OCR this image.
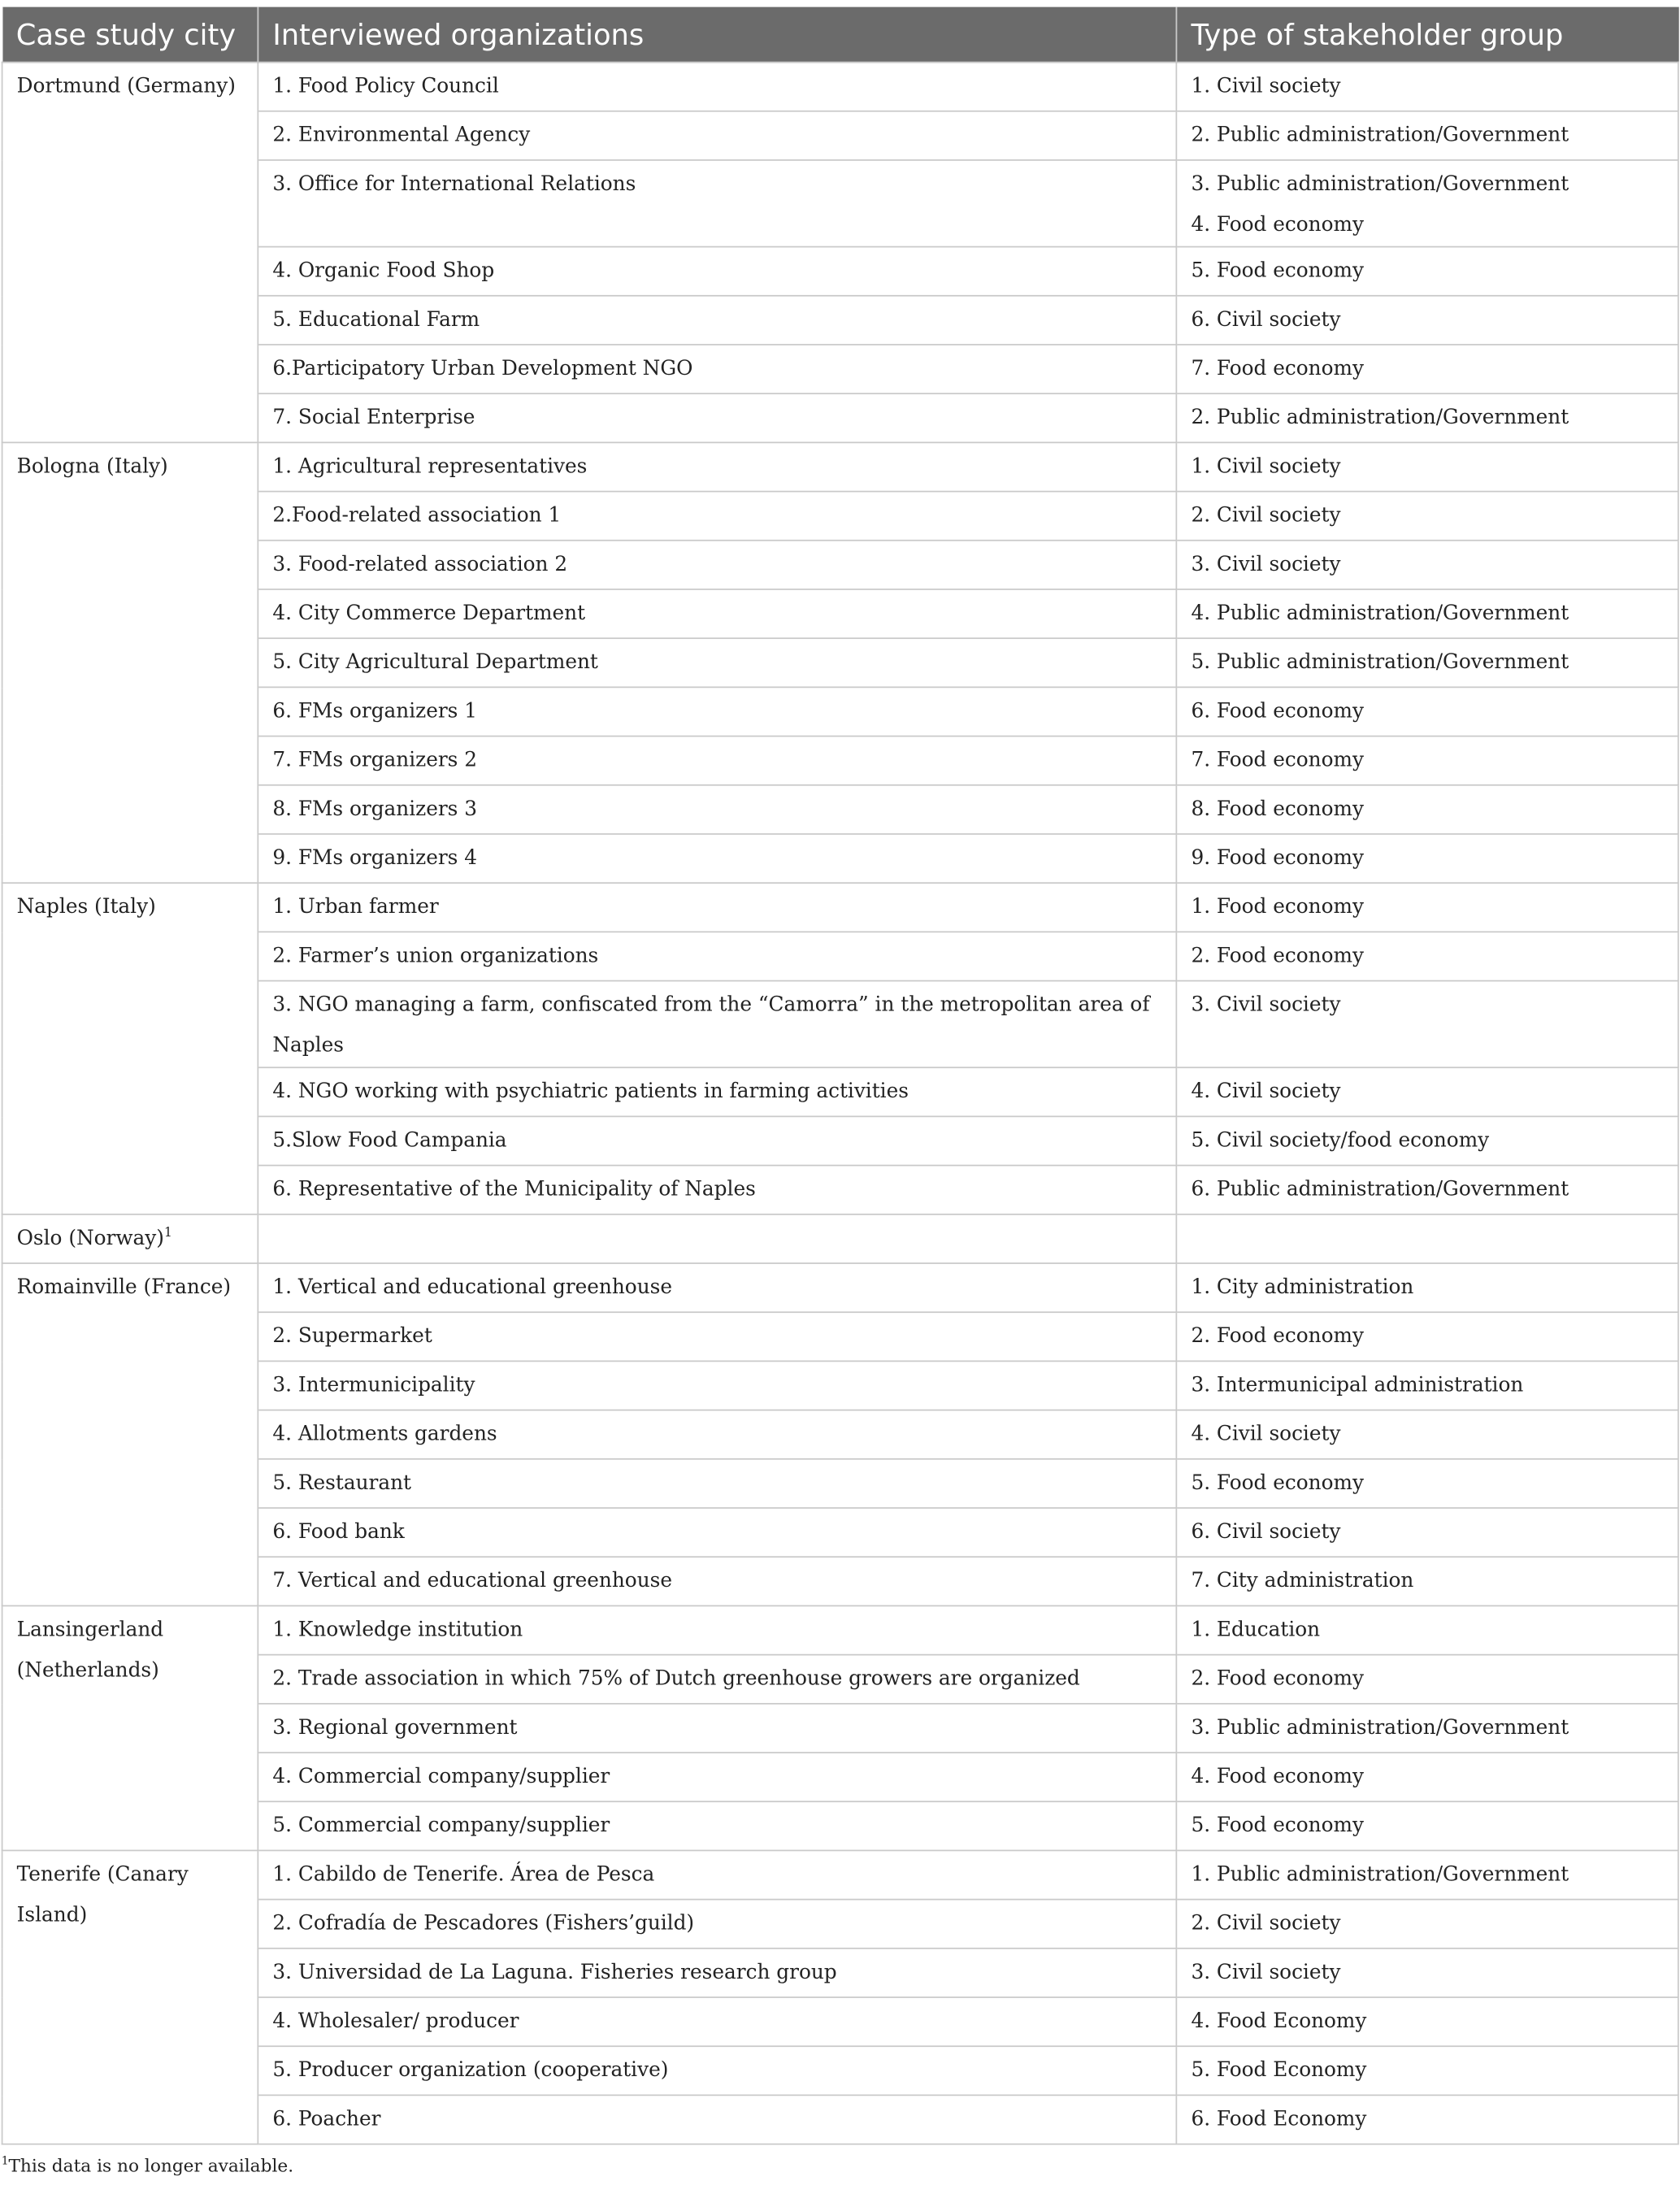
Case study city	Interviewed organizations	Type of stakeholder group
Dortmund (Germany)	1. Food Policy Council	1. Civil society

	2. Environmental Agency	2. Public administration/Government

	3. Office for International Relations	3. Public administration/Government
4. Food economy

	4. Organic Food Shop	5. Food economy

	5. Educational Farm	6. Civil society

	6.Participatory Urban Development NGO	7. Food economy

	7. Social Enterprise	2. Public administration/Government

Bologna (Italy)	1. Agricultural representatives	1. Civil society

	2.Food-related association 1	2. Civil society

	3. Food-related association 2	3. Civil society

	4. City Commerce Department	4. Public administration/Government

	5. City Agricultural Department	5. Public administration/Government

	6. FMs organizers 1	6. Food economy

	7. FMs organizers 2	7. Food economy

	8. FMs organizers 3	8. Food economy

	9. FMs organizers 4	9. Food economy

Naples (Italy)	1. Urban farmer	1. Food economy

	2. Farmer’s union organizations	2. Food economy

	3. NGO managing a farm, confiscated from the “Camorra” in the metropolitan area of Naples	3. Civil society

	4. NGO working with psychiatric patients in farming activities	4. Civil society

	5.Slow Food Campania	5. Civil society/food economy

	6. Representative of the Municipality of Naples	6. Public administration/Government

Oslo (Norway)$^1$		

Romainville (France)	1. Vertical and educational greenhouse	1. City administration

	2. Supermarket	2. Food economy

	3. Intermunicipality	3. Intermunicipal administration

	4. Allotments gardens	4. Civil society

	5. Restaurant	5. Food economy

	6. Food bank	6. Civil society

	7. Vertical and educational greenhouse	7. City administration

Lansingerland (Netherlands)	1. Knowledge institution	1. Education

	2. Trade association in which 75% of Dutch greenhouse growers are organized	2. Food economy

	3. Regional government	3. Public administration/Government

	4. Commercial company/supplier	4. Food economy

	5. Commercial company/supplier	5. Food economy

Tenerife (Canary Island)	1. Cabildo de Tenerife. Área de Pesca	1. Public administration/Government

	2. Cofradía de Pescadores (Fishers’guild)	2. Civil society

	3. Universidad de La Laguna. Fisheries research group	3. Civil society

	4. Wholesaler/ producer	4. Food Economy

	5. Producer organization (cooperative)	5. Food Economy

	6. Poacher	6. Food Economy
$^1$This data is no longer available.
